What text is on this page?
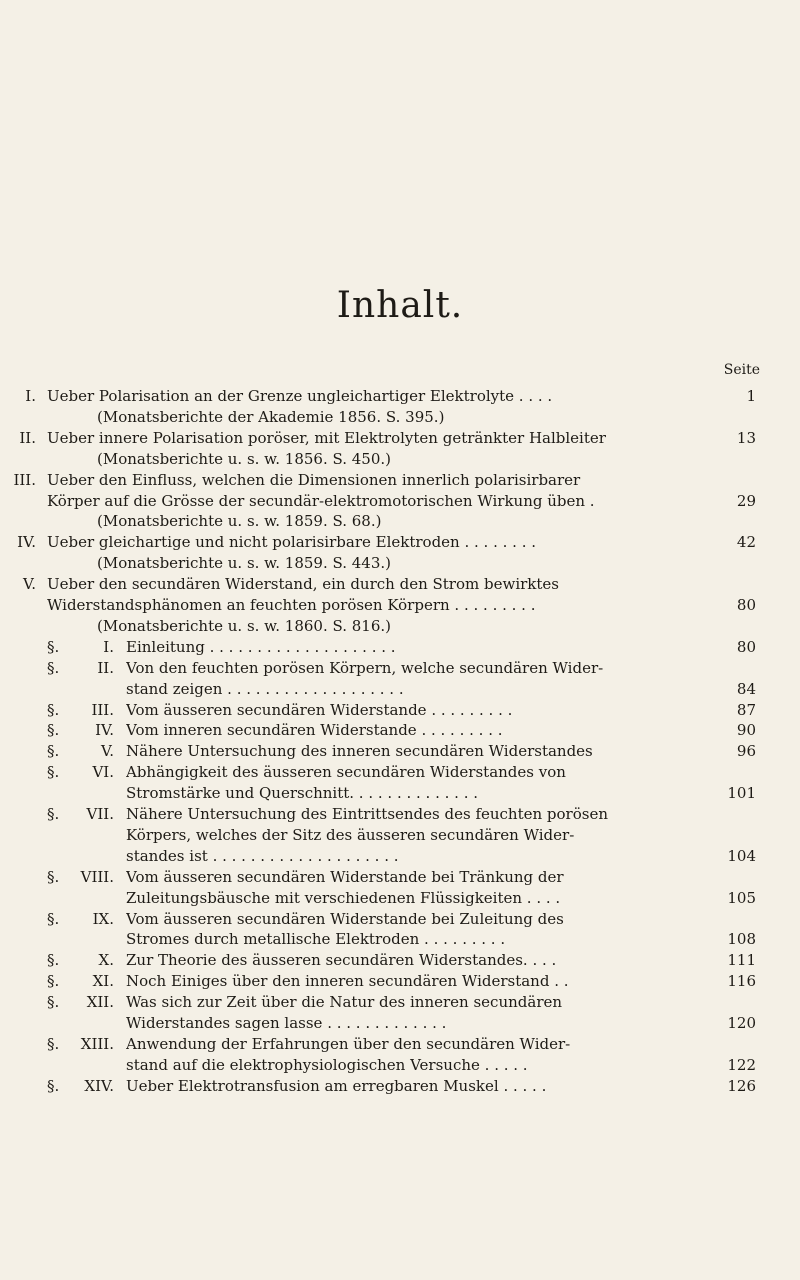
Inhalt.
Seite
I. Ueber Polarisation an der Grenze ungleichartiger Elektrolyte . . . .	1
(Monatsberichte der Akademie 1856. S. 395.)
II. Ueber innere Polarisation poröser, mit Elektrolyten getränkter Halbleiter	13
(Monatsberichte u. s. w. 1856. S. 450.)
III. Ueber den Einfluss, welchen die Dimensionen innerlich polarisirbarer
Körper auf die Grösse der secundär-elektromotorischen Wirkung üben .	29
(Monatsberichte u. s. w. 1859. S. 68.)
IV. Ueber gleichartige und nicht polarisirbare Elektroden . . . . . . . .	42
(Monatsberichte u. s. w. 1859. S. 443.)
V. Ueber den secundären Widerstand, ein durch den Strom bewirktes
Widerstandsphänomen an feuchten porösen Körpern . . . . . . . . .	80
(Monatsberichte u. s. w. 1860. S. 816.)
§.	I. Einleitung . . . . . . . . . . . . . . . . . . . .	80
§.	II. Von den feuchten porösen Körpern, welche secundären Wider-
stand zeigen . . . . . . . . . . . . . . . . . . .	84
§.	III. Vom äusseren secundären Widerstande . . . . . . . . .	87
§.	IV. Vom inneren secundären Widerstande . . . . . . . . .	90
§.	V. Nähere Untersuchung des inneren secundären Widerstandes	96
§.	VI. Abhängigkeit des äusseren secundären Widerstandes von
Stromstärke und Querschnitt. . . . . . . . . . . . . .	101
§.	VII. Nähere Untersuchung des Eintrittsendes des feuchten porösen
Körpers, welches der Sitz des äusseren secundären Wider-
standes ist . . . . . . . . . . . . . . . . . . . .	104
§.	VIII. Vom äusseren secundären Widerstande bei Tränkung der
Zuleitungsbäusche mit verschiedenen Flüssigkeiten . . . .	105
§.	IX. Vom äusseren secundären Widerstande bei Zuleitung des
Stromes durch metallische Elektroden . . . . . . . . .	108
§.	X. Zur Theorie des äusseren secundären Widerstandes. . . .	111
§.	XI. Noch Einiges über den inneren secundären Widerstand . .	116
§.	XII. Was sich zur Zeit über die Natur des inneren secundären
Widerstandes sagen lasse . . . . . . . . . . . . .	120
§.	XIII. Anwendung der Erfahrungen über den secundären Wider-
stand auf die elektrophysiologischen Versuche . . . . .	122
§.	XIV. Ueber Elektrotransfusion am erregbaren Muskel . . . . .	126
